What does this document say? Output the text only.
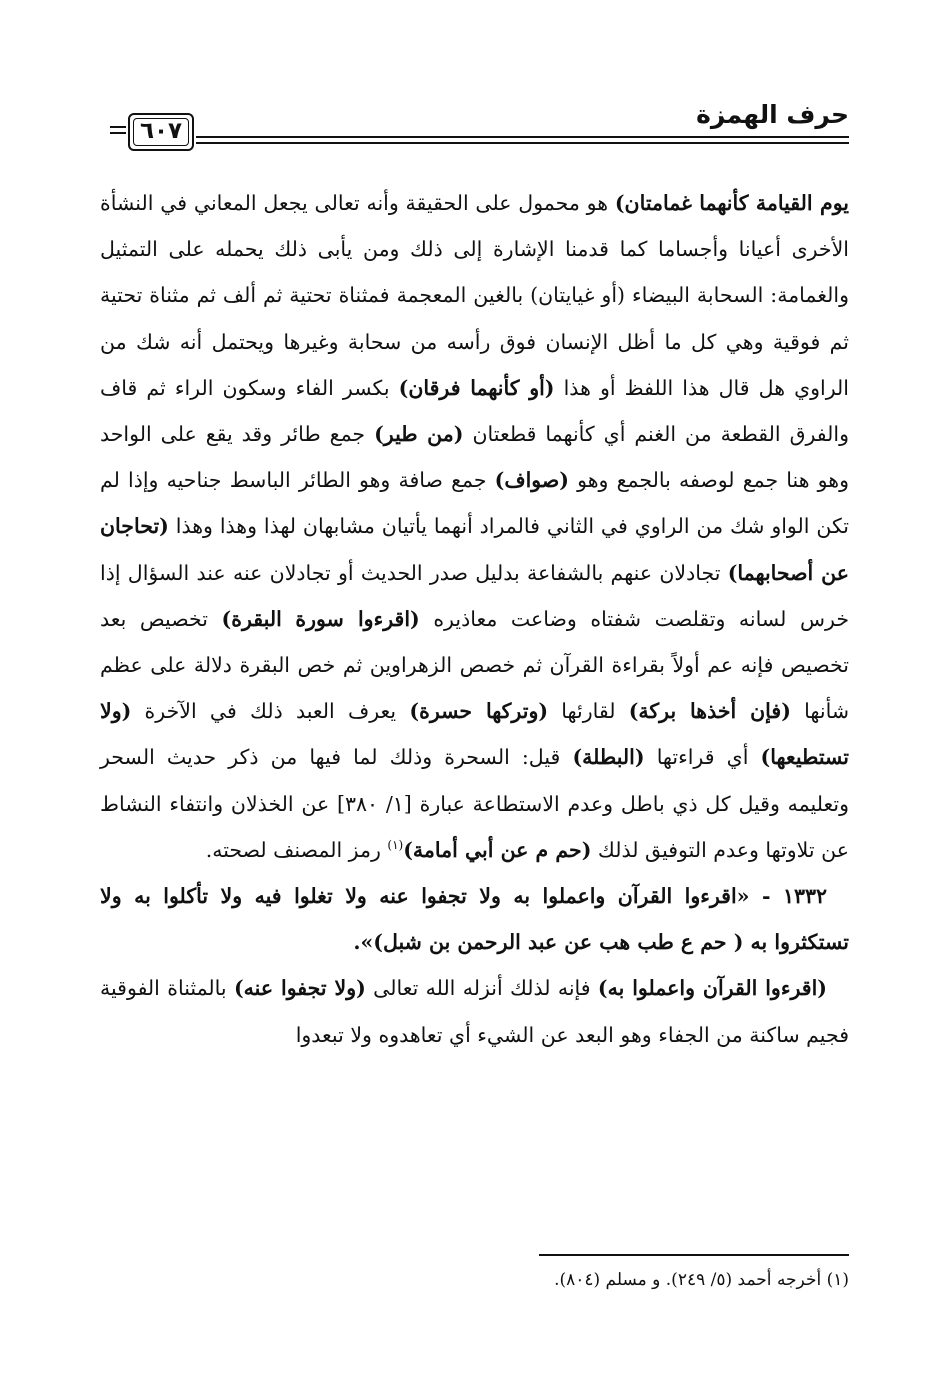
حرف الهمزة
٦٠٧

يوم القيامة كأنهما غمامتان) هو محمول على الحقيقة وأنه تعالى يجعل المعاني في النشأة الأخرى أعيانا وأجساما كما قدمنا الإشارة إلى ذلك ومن يأبى ذلك يحمله على التمثيل والغمامة: السحابة البيضاء (أو غيايتان) بالغين المعجمة فمثناة تحتية ثم ألف ثم مثناة تحتية ثم فوقية وهي كل ما أظل الإنسان فوق رأسه من سحابة وغيرها ويحتمل أنه شك من الراوي هل قال هذا اللفظ أو هذا (أو كأنهما فرقان) بكسر الفاء وسكون الراء ثم قاف والفرق القطعة من الغنم أي كأنهما قطعتان (من طير) جمع طائر وقد يقع على الواحد وهو هنا جمع لوصفه بالجمع وهو (صواف) جمع صافة وهو الطائر الباسط جناحيه وإذا لم تكن الواو شك من الراوي في الثاني فالمراد أنهما يأتيان مشابهان لهذا وهذا وهذا (تحاجان عن أصحابهما) تجادلان عنهم بالشفاعة بدليل صدر الحديث أو تجادلان عنه عند السؤال إذا خرس لسانه وتقلصت شفتاه وضاعت معاذيره (اقرءوا سورة البقرة) تخصيص بعد تخصيص فإنه عم أولاً بقراءة القرآن ثم خصص الزهراوين ثم خص البقرة دلالة على عظم شأنها (فإن أخذها بركة) لقارئها (وتركها حسرة) يعرف العبد ذلك في الآخرة (ولا تستطيعها) أي قراءتها (البطلة) قيل: السحرة وذلك لما فيها من ذكر حديث السحر وتعليمه وقيل كل ذي باطل وعدم الاستطاعة عبارة [١/ ٣٨٠] عن الخذلان وانتفاء النشاط عن تلاوتها وعدم التوفيق لذلك (حم م عن أبي أمامة)$^{(١)}$ رمز المصنف لصحته.

١٣٣٢ - «اقرءوا القرآن واعملوا به ولا تجفوا عنه ولا تغلوا فيه ولا تأكلوا به ولا تستكثروا به ( حم ع طب هب عن عبد الرحمن بن شبل)».

(اقرءوا القرآن واعملوا به) فإنه لذلك أنزله الله تعالى (ولا تجفوا عنه) بالمثناة الفوقية فجيم ساكنة من الجفاء وهو البعد عن الشيء أي تعاهدوه ولا تبعدوا

(١) أخرجه أحمد (٥/ ٢٤٩). و مسلم (٨٠٤).
